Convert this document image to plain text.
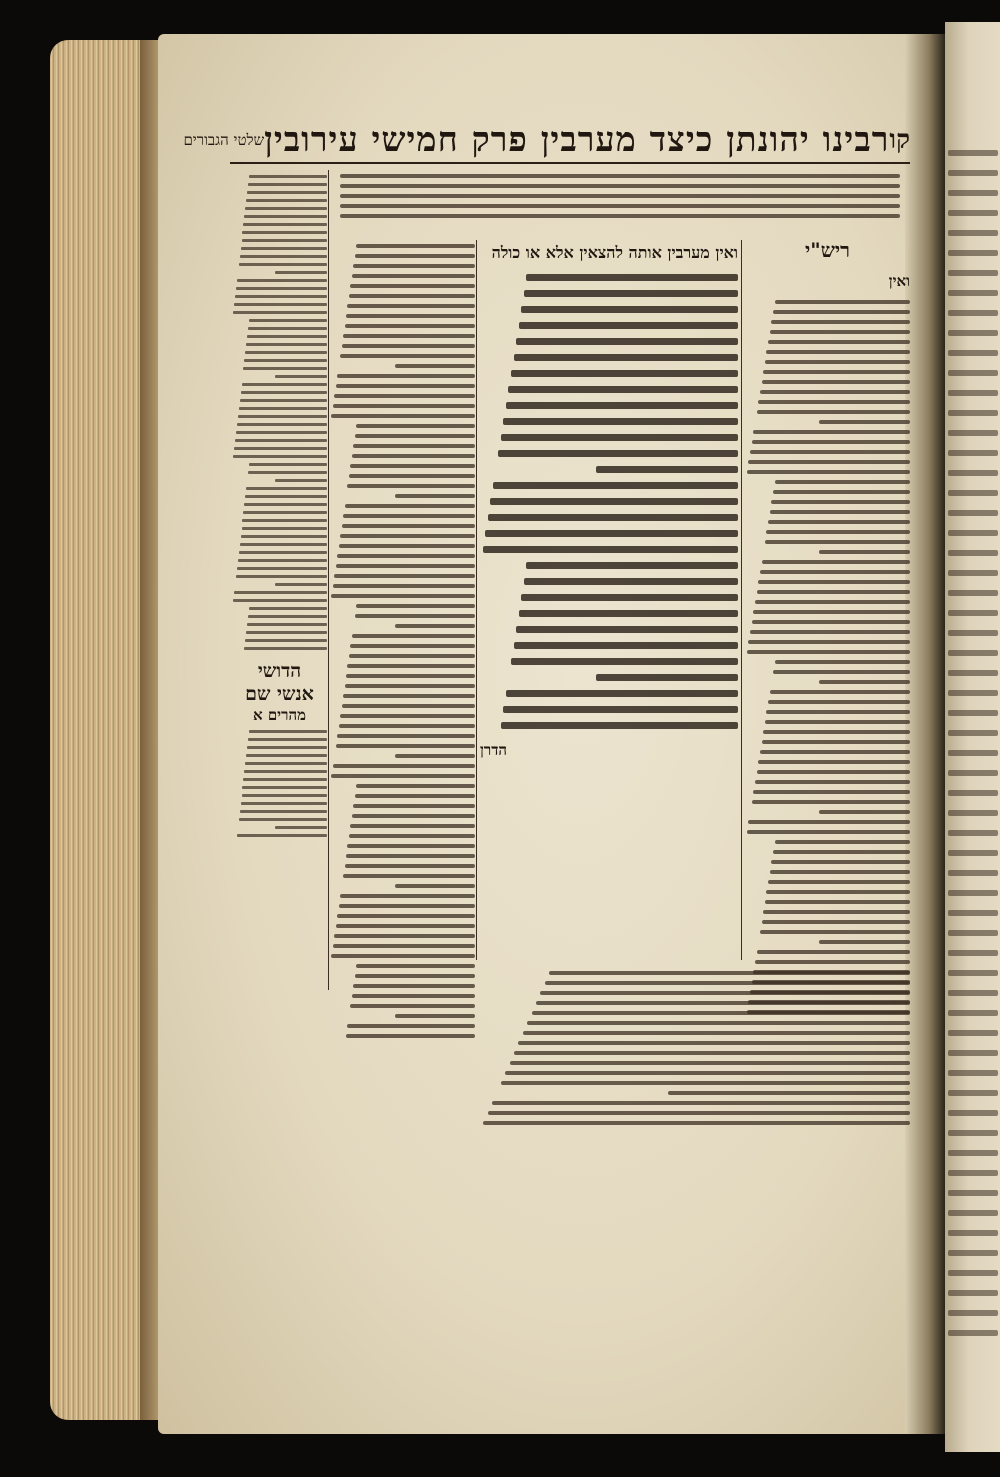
קו
רבינו יהונתן כיצד מערבין פרק חמישי עירובין
שלטי הגבורים
ריש"י
ואין
ואין מערבין אותה להצאין אלא או כולה
הדרן
הדושי
אנשי שם
מהרים א
